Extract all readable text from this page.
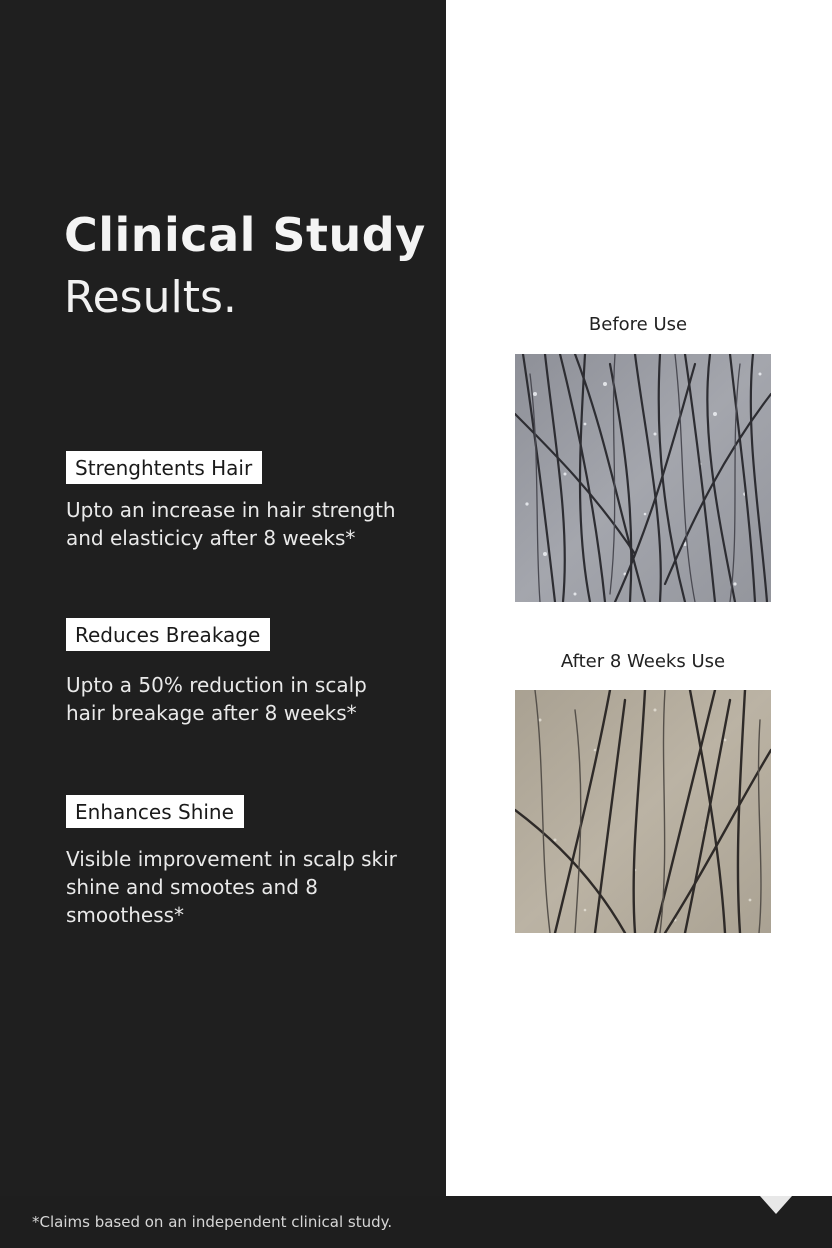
Clinical Study
Results.
Strenghtents Hair
Upto an increase in hair strength
and elasticicy after 8 weeks*
Reduces Breakage
Upto a 50% reduction in scalp
hair breakage after 8 weeks*
Enhances Shine
Visible improvement in scalp skir
shine and smootes and 8
smoothess*
Before Use
After 8 Weeks Use
*Claims based on an independent clinical study.
